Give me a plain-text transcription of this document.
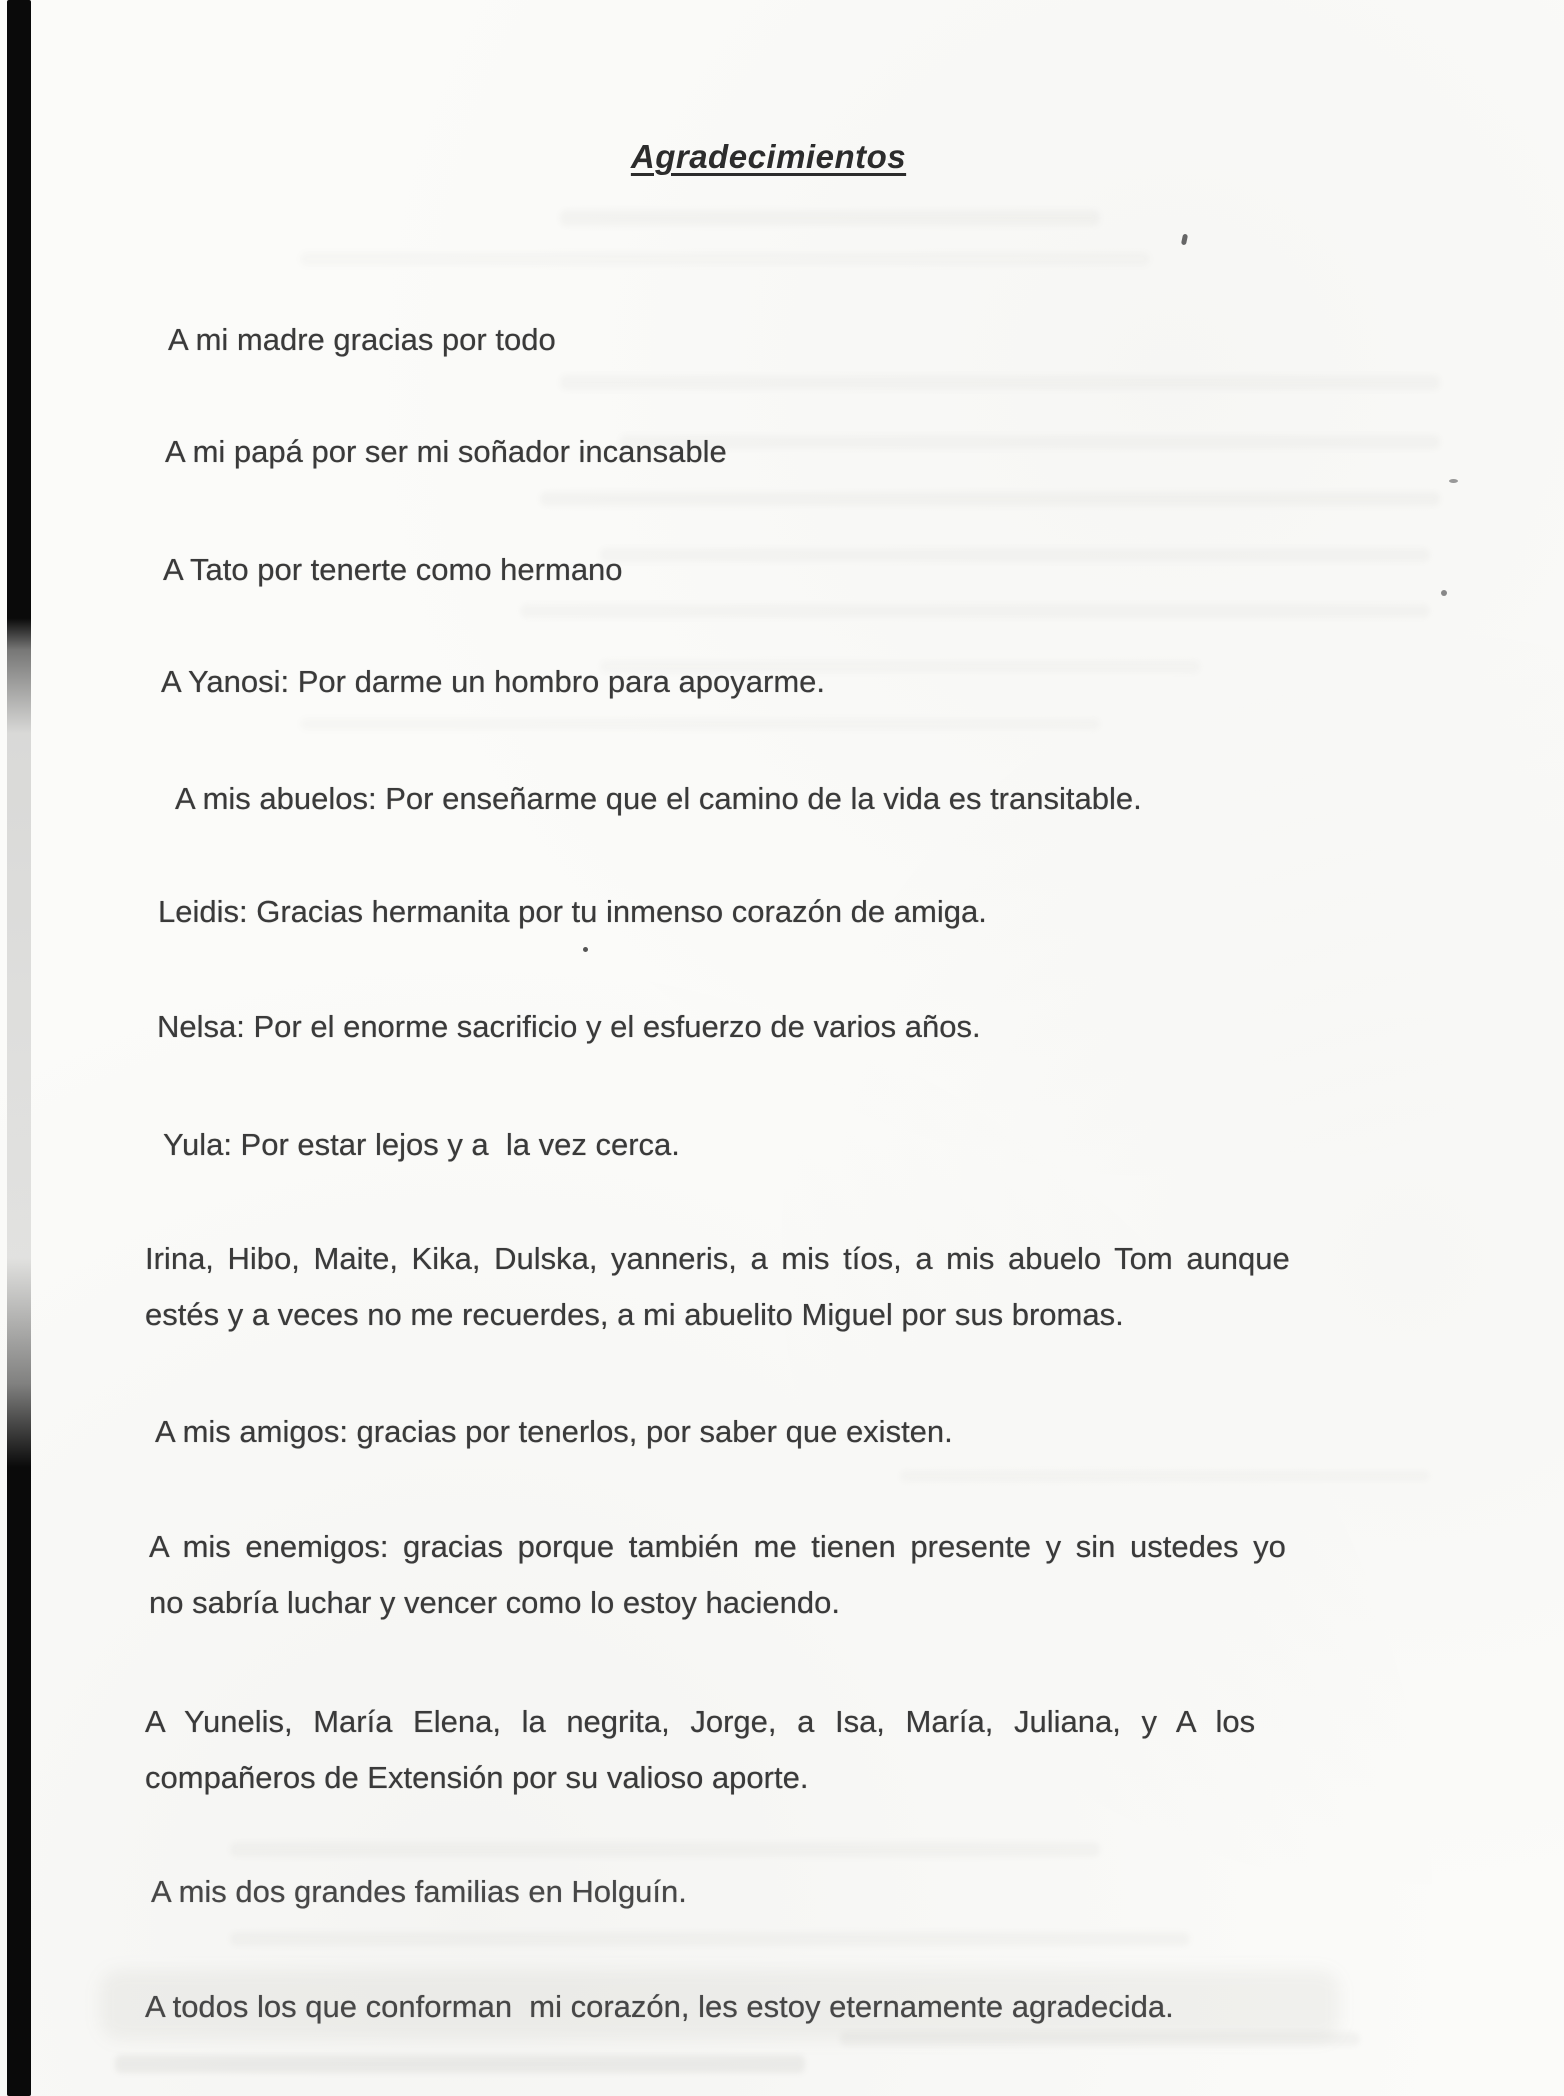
Agradecimientos
A mi madre gracias por todo
A mi papá por ser mi soñador incansable
A Tato por tenerte como hermano
A Yanosi: Por darme un hombro para apoyarme.
A mis abuelos: Por enseñarme que el camino de la vida es transitable.
Leidis: Gracias hermanita por tu inmenso corazón de amiga.
Nelsa: Por el enorme sacrificio y el esfuerzo de varios años.
Yula: Por estar lejos y a  la vez cerca.
Irina, Hibo, Maite, Kika, Dulska, yanneris, a mis tíos, a mis abuelo Tom aunque
estés y a veces no me recuerdes, a mi abuelito Miguel por sus bromas.
A mis amigos: gracias por tenerlos, por saber que existen.
A mis enemigos: gracias porque también me tienen presente y sin ustedes yo
no sabría luchar y vencer como lo estoy haciendo.
A Yunelis, María Elena, la negrita, Jorge, a Isa, María, Juliana, y A los
compañeros de Extensión por su valioso aporte.
A mis dos grandes familias en Holguín.
A todos los que conforman  mi corazón, les estoy eternamente agradecida.
